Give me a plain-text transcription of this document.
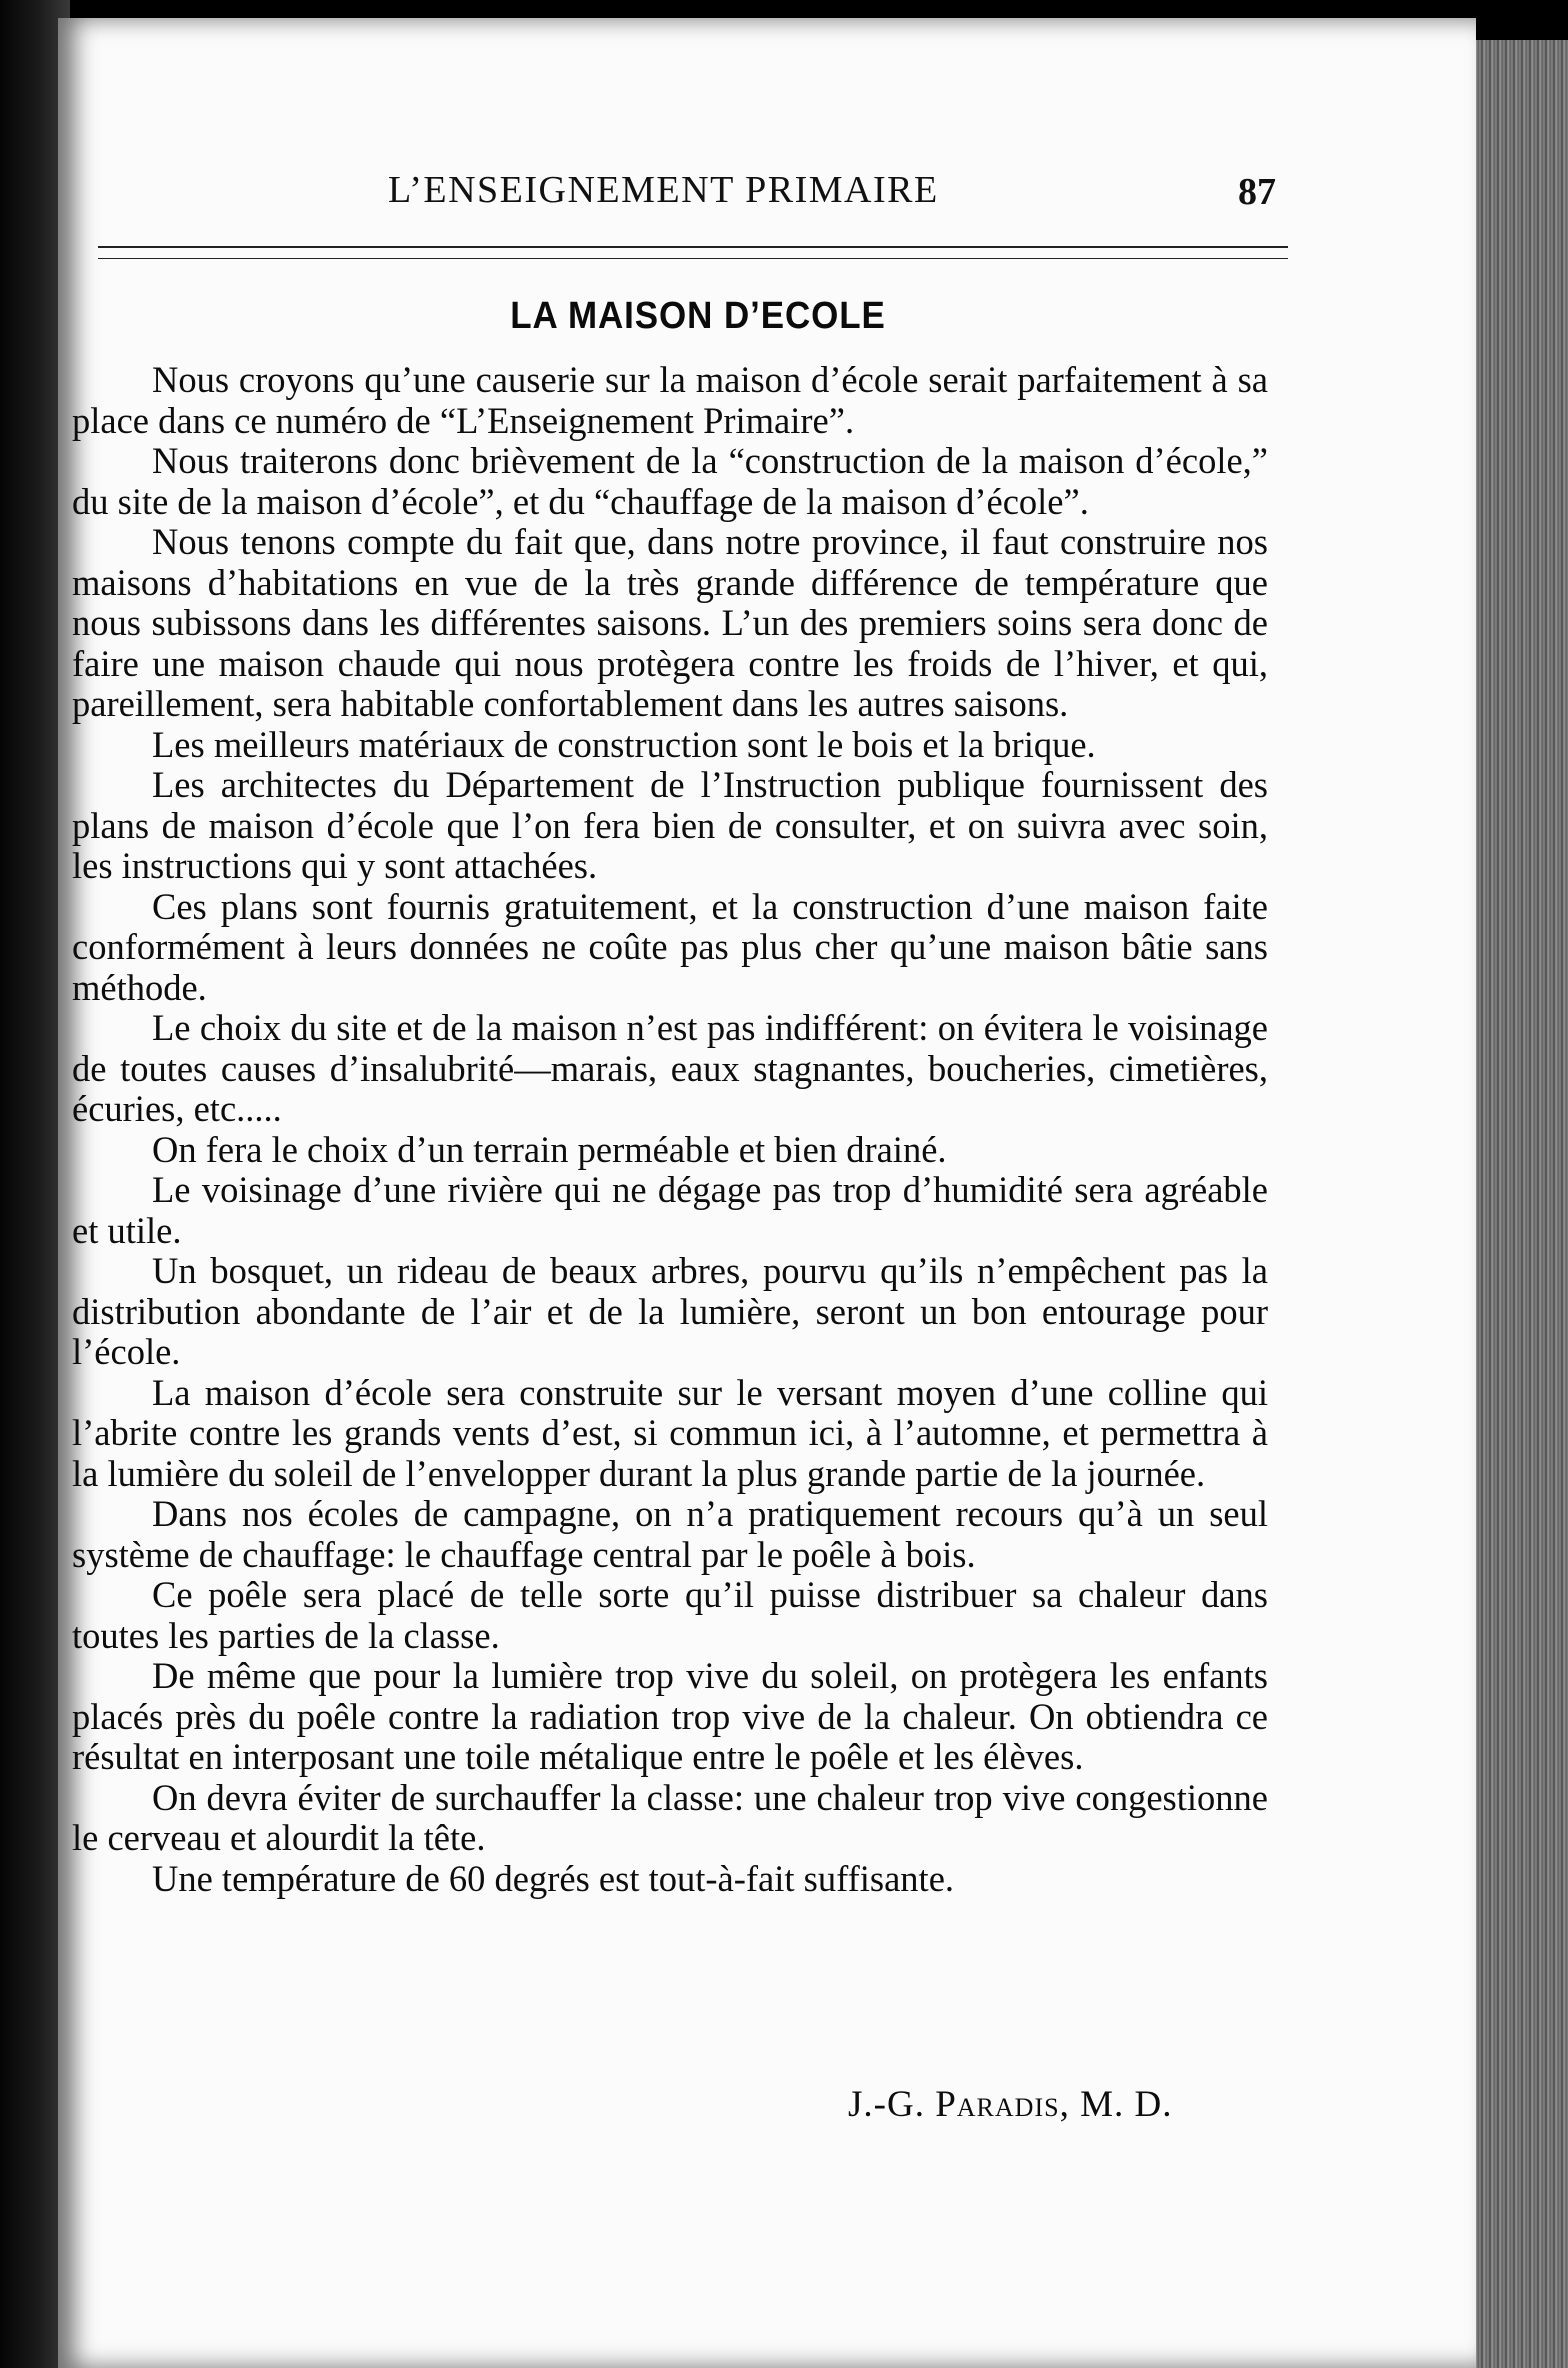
L’ENSEIGNEMENT PRIMAIRE	87
LA MAISON D’ECOLE

Nous croyons qu’une causerie sur la maison d’école serait parfaitement à sa place dans ce numéro de “L’Enseignement Primaire”.

Nous traiterons donc brièvement de la “construction de la maison d’école,” du site de la maison d’école”, et du “chauffage de la maison d’école”.

Nous tenons compte du fait que, dans notre province, il faut construire nos maisons d’habitations en vue de la très grande différence de température que nous subissons dans les différentes saisons. L’un des premiers soins sera donc de faire une maison chaude qui nous protègera contre les froids de l’hiver, et qui, pareillement, sera habitable confortablement dans les autres saisons.

Les meilleurs matériaux de construction sont le bois et la brique.

Les architectes du Département de l’Instruction publique fournissent des plans de maison d’école que l’on fera bien de consulter, et on suivra avec soin, les instructions qui y sont attachées.

Ces plans sont fournis gratuitement, et la construction d’une maison faite conformément à leurs données ne coûte pas plus cher qu’une maison bâtie sans méthode.

Le choix du site et de la maison n’est pas indifférent: on évitera le voisinage de toutes causes d’insalubrité—marais, eaux stagnantes, boucheries, cimetières, écuries, etc.....

On fera le choix d’un terrain perméable et bien drainé.

Le voisinage d’une rivière qui ne dégage pas trop d’humidité sera agréable et utile.

Un bosquet, un rideau de beaux arbres, pourvu qu’ils n’empêchent pas la distribution abondante de l’air et de la lumière, seront un bon entourage pour l’école.

La maison d’école sera construite sur le versant moyen d’une colline qui l’abrite contre les grands vents d’est, si commun ici, à l’automne, et permettra à la lumière du soleil de l’envelopper durant la plus grande partie de la journée.

Dans nos écoles de campagne, on n’a pratiquement recours qu’à un seul système de chauffage: le chauffage central par le poêle à bois.

Ce poêle sera placé de telle sorte qu’il puisse distribuer sa chaleur dans toutes les parties de la classe.

De même que pour la lumière trop vive du soleil, on protègera les enfants placés près du poêle contre la radiation trop vive de la chaleur. On obtiendra ce résultat en interposant une toile métalique entre le poêle et les élèves.

On devra éviter de surchauffer la classe: une chaleur trop vive congestionne le cerveau et alourdit la tête.

Une température de 60 degrés est tout-à-fait suffisante.

J.-G. Paradis, M. D.
